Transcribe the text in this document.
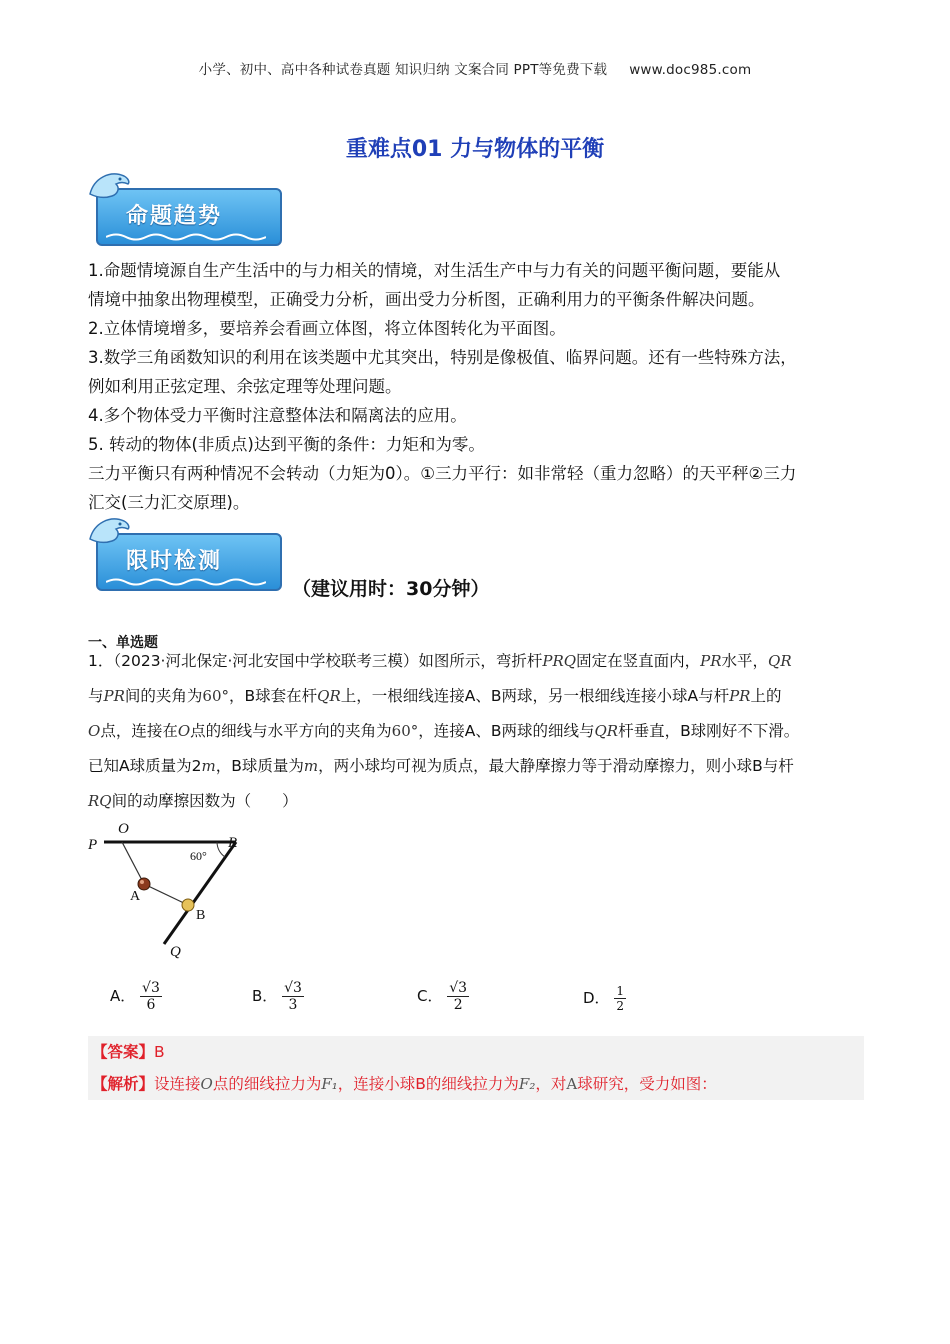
小学、初中、高中各种试卷真题 知识归纳 文案合同 PPT等免费下载 www.doc985.com
重难点01 力与物体的平衡
命题趋势

1.命题情境源自生产生活中的与力相关的情境，对生活生产中与力有关的问题平衡问题，要能从

情境中抽象出物理模型，正确受力分析，画出受力分析图，正确利用力的平衡条件解决问题。

2.立体情境增多，要培养会看画立体图，将立体图转化为平面图。

3.数学三角函数知识的利用在该类题中尤其突出，特别是像极值、临界问题。还有一些特殊方法，

例如利用正弦定理、余弦定理等处理问题。

4.多个物体受力平衡时注意整体法和隔离法的应用。

5. 转动的物体(非质点)达到平衡的条件：力矩和为零。

三力平衡只有两种情况不会转动（力矩为0）。①三力平行：如非常轻（重力忽略）的天平秤②三力

汇交(三力汇交原理)。

限时检测
（建议用时：30分钟）
一、单选题

1．（2023·河北保定·河北安国中学校联考三模）如图所示，弯折杆PRQ固定在竖直面内，PR水平，QR

与PR间的夹角为60°，B球套在杆QR上，一根细线连接A、B两球，另一根细线连接小球A与杆PR上的

O点，连接在O点的细线与水平方向的夹角为60°，连接A、B两球的细线与QR杆垂直，B球刚好不下滑。

已知A球质量为2m，B球质量为m，两小球均可视为质点，最大静摩擦力等于滑动摩擦力，则小球B与杆

RQ间的动摩擦因数为（　　）

P
O
R
60°
A
B
Q
A． $\frac{√3}{6}$	B． $\frac{√3}{3}$	C． $\frac{√3}{2}$	D． $\frac{1}{2}$
【答案】B
【解析】设连接O点的细线拉力为F₁，连接小球B的细线拉力为F₂，对A球研究，受力如图：
